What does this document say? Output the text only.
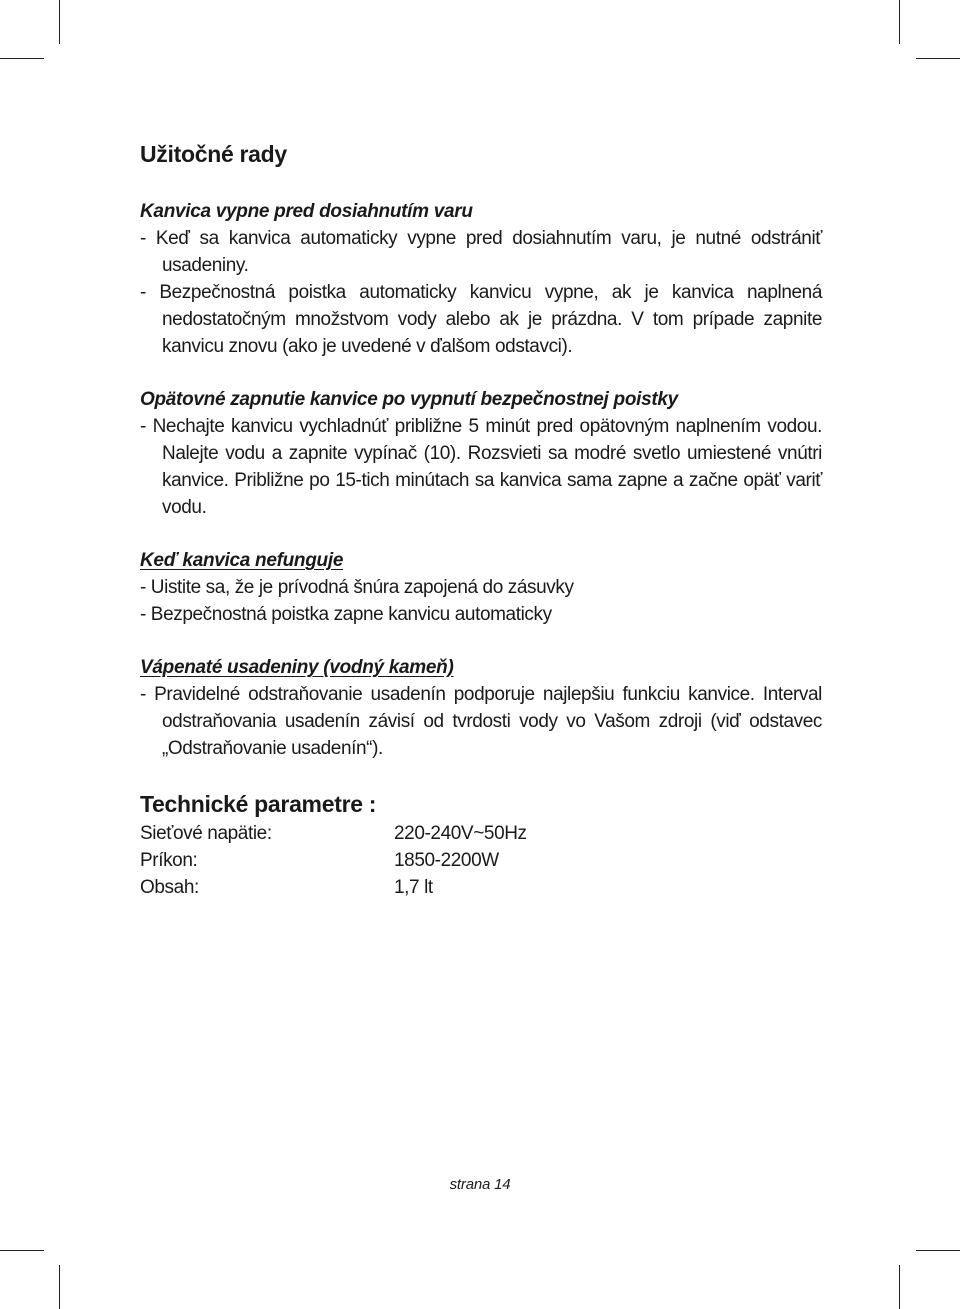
Užitočné rady

Kanvica vypne pred dosiahnutím varu

- Keď sa kanvica automaticky vypne pred dosiahnutím varu, je nutné odstrániť usadeniny.

- Bezpečnostná poistka automaticky kanvicu vypne, ak je kanvica naplnená nedostatočným množstvom vody alebo ak je prázdna. V tom prípade zapnite kanvicu znovu (ako je uvedené v ďalšom odstavci).

Opätovné zapnutie kanvice po vypnutí bezpečnostnej poistky

- Nechajte kanvicu vychladnúť približne 5 minút pred opätovným naplnením vodou. Nalejte vodu a zapnite vypínač (10). Rozsvieti sa modré svetlo umiestené vnútri kanvice. Približne po 15-tich minútach sa kanvica sama zapne a začne opäť variť vodu.

Keď kanvica nefunguje

- Uistite sa, že je prívodná šnúra zapojená do zásuvky

- Bezpečnostná poistka zapne kanvicu automaticky

Vápenaté usadeniny (vodný kameň)

- Pravidelné odstraňovanie usadenín podporuje najlepšiu funkciu kanvice. Interval odstraňovania usadenín závisí od tvrdosti vody vo Vašom zdroji (viď odstavec „Odstraňovanie usadenín“).

Technické parametre :
Sieťové napätie:	220-240V~50Hz
Príkon:	1850-2200W
Obsah:	1,7 lt
strana 14
